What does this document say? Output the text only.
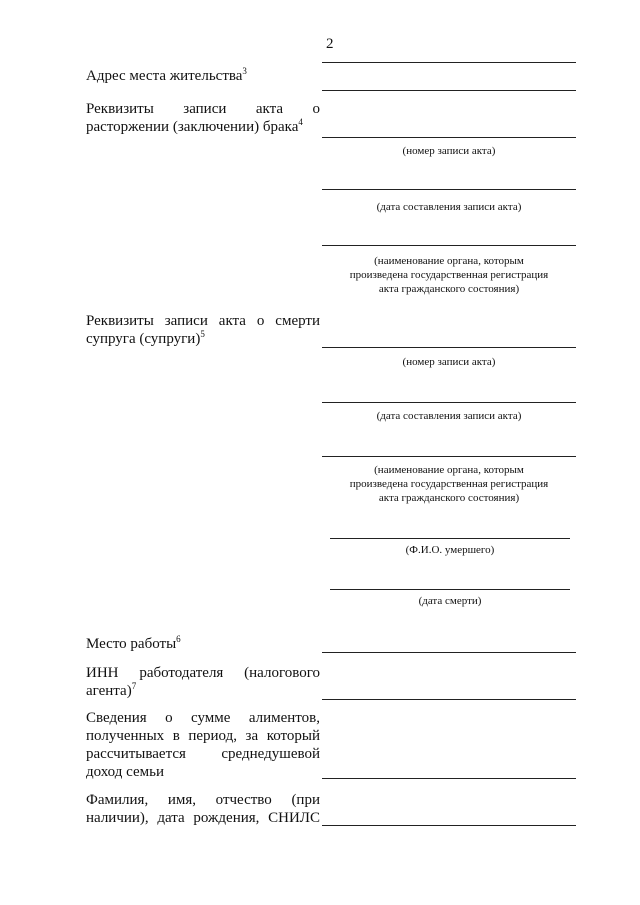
2
Адрес места жительства$^3$
Реквизиты записи акта о
расторжении (заключении) брака$^4$
(номер записи акта)
(дата составления записи акта)
(наименование органа, которым
произведена государственная регистрация
акта гражданского состояния)
Реквизиты записи акта о смерти
супруга (супруги)$^5$
(номер записи акта)
(дата составления записи акта)
(наименование органа, которым
произведена государственная регистрация
акта гражданского состояния)
(Ф.И.О. умершего)
(дата смерти)
Место работы$^6$
ИНН работодателя (налогового
агента)$^7$
Сведения о сумме алиментов,
полученных в период, за который
рассчитывается среднедушевой
доход семьи
Фамилия, имя, отчество (при
наличии), дата рождения, СНИЛС
